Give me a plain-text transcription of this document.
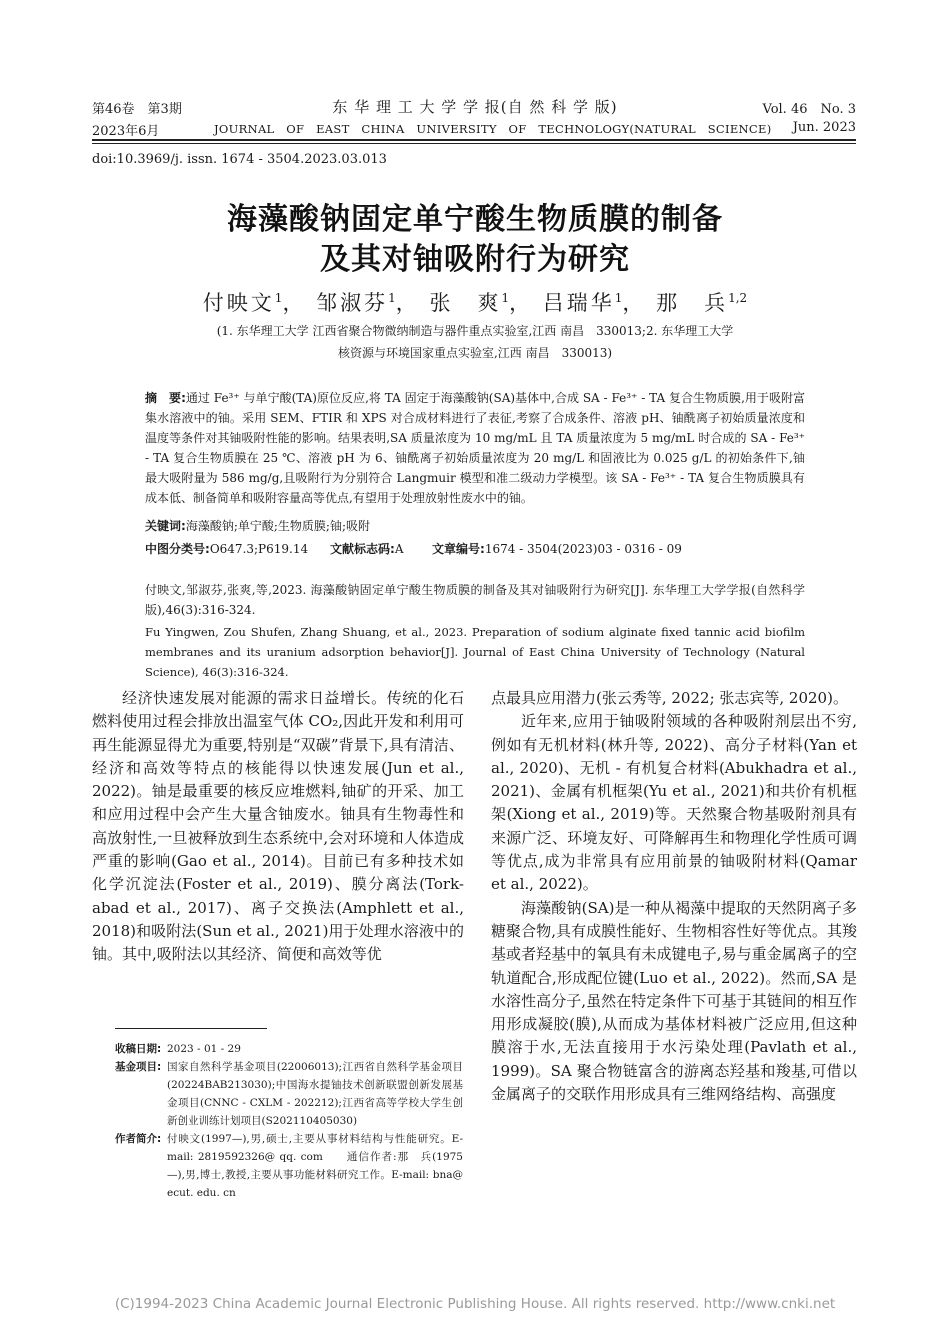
第46卷　第3期	东 华 理 工 大 学 学 报(自 然 科 学 版)	Vol. 46　No. 3
2023年6月	JOURNAL　OF　EAST　CHINA　UNIVERSITY　OF　TECHNOLOGY(NATURAL　SCIENCE) Jun. 2023
doi:10.3969/j. issn. 1674 - 3504.2023.03.013
海藻酸钠固定单宁酸生物质膜的制备
及其对铀吸附行为研究
付映文$^1$， 邹淑芬$^1$， 张　爽$^1$， 吕瑞华$^1$， 那　兵$^{1,2}$
(1. 东华理工大学 江西省聚合物微纳制造与器件重点实验室,江西 南昌　330013;2. 东华理工大学
核资源与环境国家重点实验室,江西 南昌　330013)
摘　要:通过 Fe³⁺ 与单宁酸(TA)原位反应,将 TA 固定于海藻酸钠(SA)基体中,合成 SA - Fe³⁺ - TA 复合生物质膜,用于吸附富集水溶液中的铀。采用 SEM、FTIR 和 XPS 对合成材料进行了表征,考察了合成条件、溶液 pH、铀酰离子初始质量浓度和温度等条件对其铀吸附性能的影响。结果表明,SA 质量浓度为 10 mg/mL 且 TA 质量浓度为 5 mg/mL 时合成的 SA - Fe³⁺ - TA 复合生物质膜在 25 ℃、溶液 pH 为 6、铀酰离子初始质量浓度为 20 mg/L 和固液比为 0.025 g/L 的初始条件下,铀最大吸附量为 586 mg/g,且吸附行为分别符合 Langmuir 模型和准二级动力学模型。该 SA - Fe³⁺ - TA 复合生物质膜具有成本低、制备简单和吸附容量高等优点,有望用于处理放射性废水中的铀。
关键词:海藻酸钠;单宁酸;生物质膜;铀;吸附
中图分类号:O647.3;P619.14 文献标志码:A 文章编号:1674 - 3504(2023)03 - 0316 - 09
付映文,邹淑芬,张爽,等,2023. 海藻酸钠固定单宁酸生物质膜的制备及其对铀吸附行为研究[J]. 东华理工大学学报(自然科学版),46(3):316-324.
Fu Yingwen, Zou Shufen, Zhang Shuang, et al., 2023. Preparation of sodium alginate fixed tannic acid biofilm membranes and its uranium adsorption behavior[J]. Journal of East China University of Technology (Natural Science), 46(3):316-324.

经济快速发展对能源的需求日益增长。传统的化石燃料使用过程会排放出温室气体 CO₂,因此开发和利用可再生能源显得尤为重要,特别是“双碳”背景下,具有清洁、经济和高效等特点的核能得以快速发展(Jun et al., 2022)。铀是最重要的核反应堆燃料,铀矿的开采、加工和应用过程中会产生大量含铀废水。铀具有生物毒性和高放射性,一旦被释放到生态系统中,会对环境和人体造成严重的影响(Gao et al., 2014)。目前已有多种技术如化学沉淀法(Foster et al., 2019)、膜分离法(Tork-abad et al., 2017)、离子交换法(Amphlett et al., 2018)和吸附法(Sun et al., 2021)用于处理水溶液中的铀。其中,吸附法以其经济、简便和高效等优

点最具应用潜力(张云秀等, 2022; 张志宾等, 2020)。

近年来,应用于铀吸附领域的各种吸附剂层出不穷,例如有无机材料(林升等, 2022)、高分子材料(Yan et al., 2020)、无机 - 有机复合材料(Abukhadra et al., 2021)、金属有机框架(Yu et al., 2021)和共价有机框架(Xiong et al., 2019)等。天然聚合物基吸附剂具有来源广泛、环境友好、可降解再生和物理化学性质可调等优点,成为非常具有应用前景的铀吸附材料(Qamar et al., 2022)。

海藻酸钠(SA)是一种从褐藻中提取的天然阴离子多糖聚合物,具有成膜性能好、生物相容性好等优点。其羧基或者羟基中的氧具有未成键电子,易与重金属离子的空轨道配合,形成配位键(Luo et al., 2022)。然而,SA 是水溶性高分子,虽然在特定条件下可基于其链间的相互作用形成凝胶(膜),从而成为基体材料被广泛应用,但这种膜溶于水,无法直接用于水污染处理(Pavlath et al., 1999)。SA 聚合物链富含的游离态羟基和羧基,可借以金属离子的交联作用形成具有三维网络结构、高强度

收稿日期: 2023 - 01 - 29
基金项目: 国家自然科学基金项目(22006013);江西省自然科学基金项目(20224BAB213030);中国海水提铀技术创新联盟创新发展基金项目(CNNC - CXLM - 202212);江西省高等学校大学生创新创业训练计划项目(S202110405030)
作者简介: 付映文(1997—),男,硕士,主要从事材料结构与性能研究。E-mail: 2819592326@ qq. com　　通信作者:那　兵(1975—),男,博士,教授,主要从事功能材料研究工作。E-mail: bna@ ecut. edu. cn
(C)1994-2023 China Academic Journal Electronic Publishing House. All rights reserved. http://www.cnki.net
